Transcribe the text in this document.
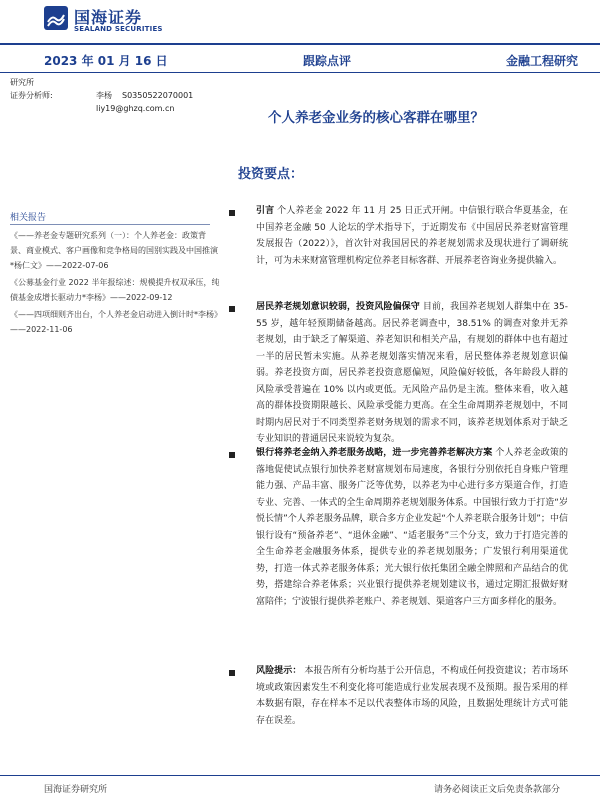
国海证券
SEALAND SECURITIES
2023 年 01 月 16 日	跟踪点评	金融工程研究
研究所
证券分析师:	李杨 S0350522070001
liy19@ghzq.com.cn
个人养老金业务的核心客群在哪里？
投资要点：
相关报告
《——养老金专题研究系列（一）：个人养老金：政策背景、商业模式、客户画像和竞争格局的国别实践及中国推演*杨仁文》——2022-07-06
《公募基金行业 2022 半年报综述：规模提升权双承压，纯债基金成增长驱动力*李杨》——2022-09-12
《——四项细则齐出台，个人养老金启动进入倒计时*李杨》——2022-11-06
引言 个人养老金 2022 年 11 月 25 日正式开闸。中信银行联合华夏基金，在中国养老金融 50 人论坛的学术指导下，于近期发布《中国居民养老财富管理发展报告（2022）》，首次针对我国居民的养老规划需求及现状进行了调研统计，可为未来财富管理机构定位养老目标客群、开展养老咨询业务提供输入。
居民养老规划意识较弱，投资风险偏保守 目前，我国养老规划人群集中在 35-55 岁，越年轻预期储备越高。居民养老调查中，38.51% 的调查对象并无养老规划，由于缺乏了解渠道、养老知识和相关产品，有规划的群体中也有超过一半的居民暂未实施。从养老规划落实情况来看，居民整体养老规划意识偏弱。养老投资方面，居民养老投资意愿偏短，风险偏好较低，各年龄段人群的风险承受普遍在 10% 以内或更低。无风险产品仍是主流。整体来看，收入越高的群体投资期限越长、风险承受能力更高。在全生命周期养老规划中，不同时期内居民对于不同类型养老财务规划的需求不同，该养老规划体系对于缺乏专业知识的普通居民来说较为复杂。
银行将养老金纳入养老服务战略，进一步完善养老解决方案 个人养老金政策的落地促使试点银行加快养老财富规划布局速度，各银行分别依托自身账户管理能力强、产品丰富、服务广泛等优势，以养老为中心进行多方渠道合作，打造专业、完善、一体式的全生命周期养老规划服务体系。中国银行致力于打造“岁悦长情”个人养老服务品牌，联合多方企业发起“个人养老联合服务计划”；中信银行设有“预备养老”、“退休金融”、“适老服务”三个分支，致力于打造完善的全生命养老金融服务体系，提供专业的养老规划服务；广发银行利用渠道优势，打造一体式养老服务体系；光大银行依托集团全融全牌照和产品结合的优势，搭建综合养老体系；兴业银行提供养老规划建议书，通过定期汇报做好财富陪伴；宁波银行提供养老账户、养老规划、渠道客户三方面多样化的服务。
风险提示： 本报告所有分析均基于公开信息，不构成任何投资建议；若市场环境或政策因素发生不利变化将可能造成行业发展表现不及预期。报告采用的样本数据有限，存在样本不足以代表整体市场的风险，且数据处理统计方式可能存在误差。
国海证券研究所	请务必阅读正文后免责条款部分
